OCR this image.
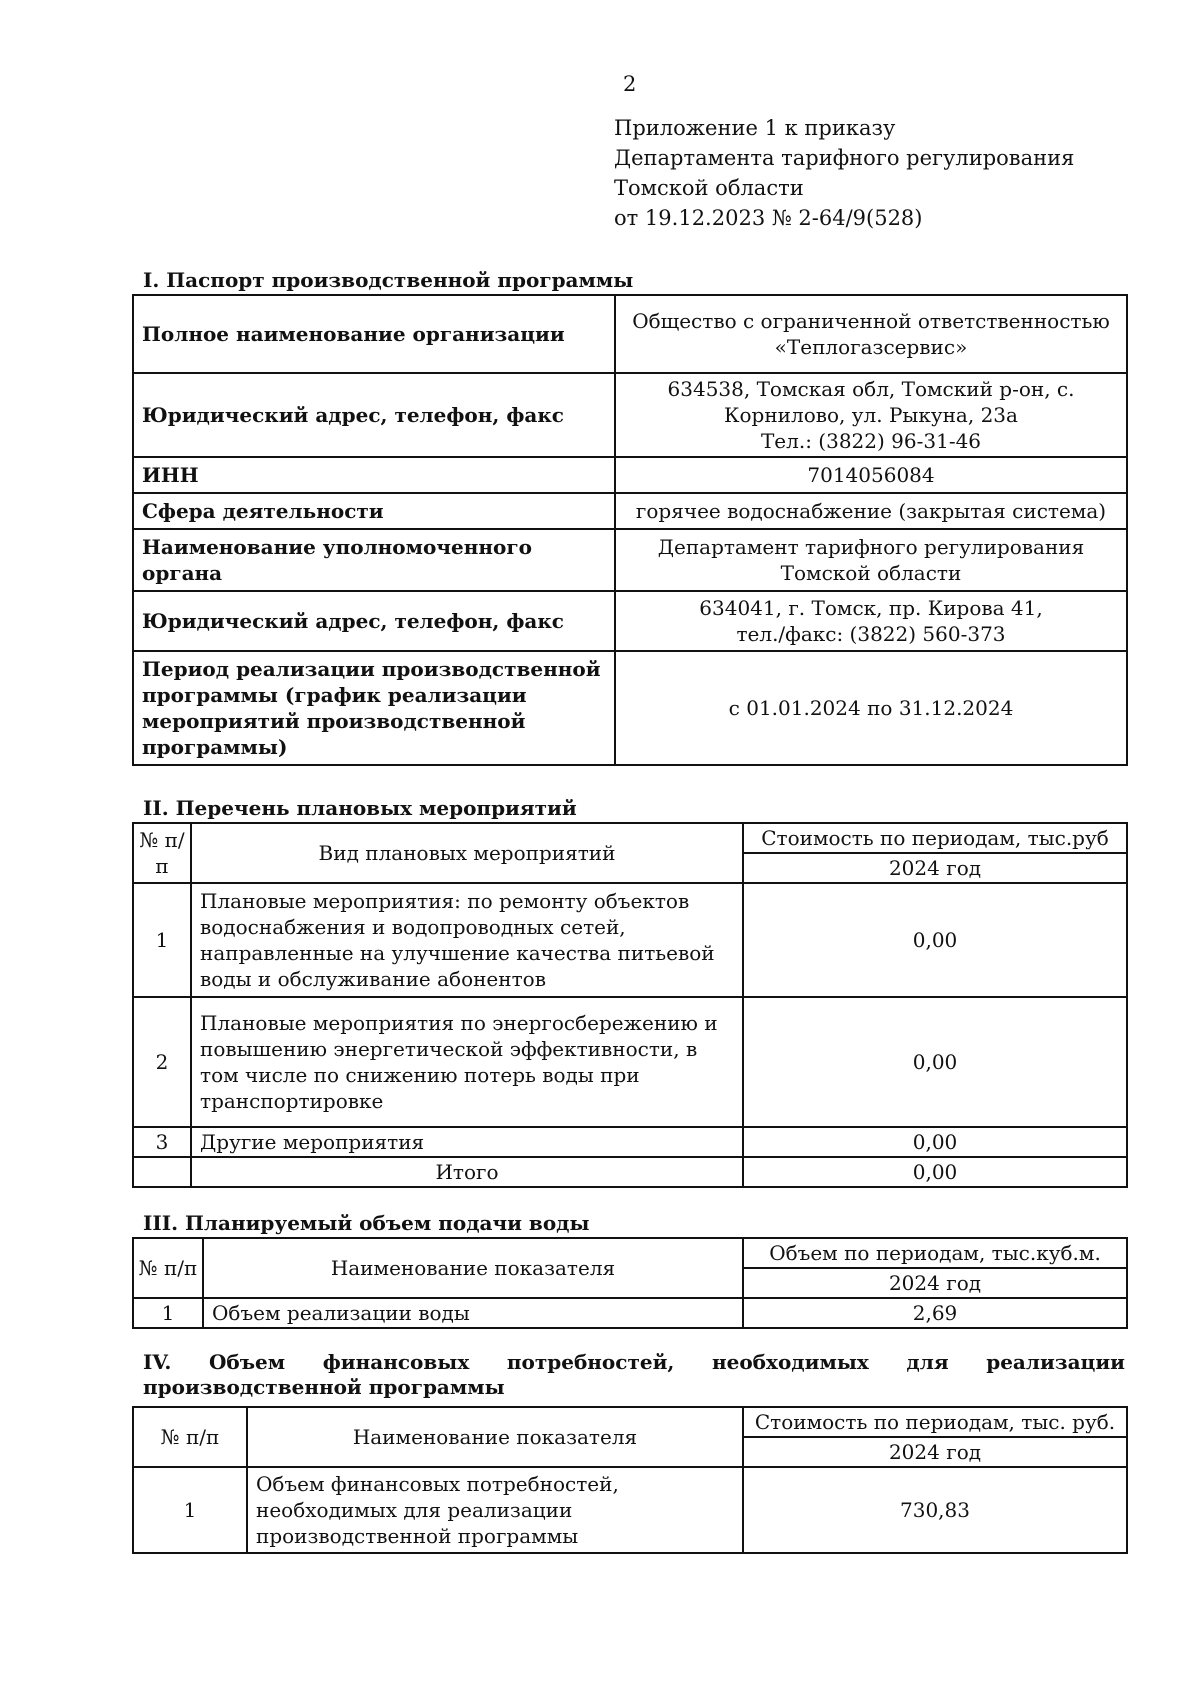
2
Приложение 1 к приказу
Департамента тарифного регулирования
Томской области
от 19.12.2023 № 2-64/9(528)
I. Паспорт производственной программы
Полное наименование организации	Общество с ограниченной ответственностью
«Теплогазсервис»

Юридический адрес, телефон, факс	634538, Томская обл, Томский р-он, с.
Корнилово, ул. Рыкуна, 23а
Тел.: (3822) 96-31-46

ИНН	7014056084

Сфера деятельности	горячее водоснабжение (закрытая система)

Наименование уполномоченного органа	Департамент тарифного регулирования
Томской области

Юридический адрес, телефон, факс	634041, г. Томск, пр. Кирова 41,
тел./факс: (3822) 560-373

Период реализации производственной программы (график реализации мероприятий производственной программы)	с 01.01.2024 по 31.12.2024
II. Перечень плановых мероприятий
№ п/п	Вид плановых мероприятий	Стоимость по периодам, тыс.руб
		2024 год
1	Плановые мероприятия: по ремонту объектов водоснабжения и водопроводных сетей, направленные на улучшение качества питьевой воды и обслуживание абонентов	0,00
2	Плановые мероприятия по энергосбережению и повышению энергетической эффективности, в том числе по снижению потерь воды при транспортировке	0,00
3	Другие мероприятия	0,00
	Итого	0,00
III. Планируемый объем подачи воды
№ п/п	Наименование показателя	Объем по периодам, тыс.куб.м.
		2024 год
1	Объем реализации воды	2,69
IV. Объем финансовых потребностей, необходимых для реализации производственной программы
№ п/п	Наименование показателя	Стоимость по периодам, тыс. руб.
		2024 год
1	Объем финансовых потребностей, необходимых для реализации производственной программы	730,83
